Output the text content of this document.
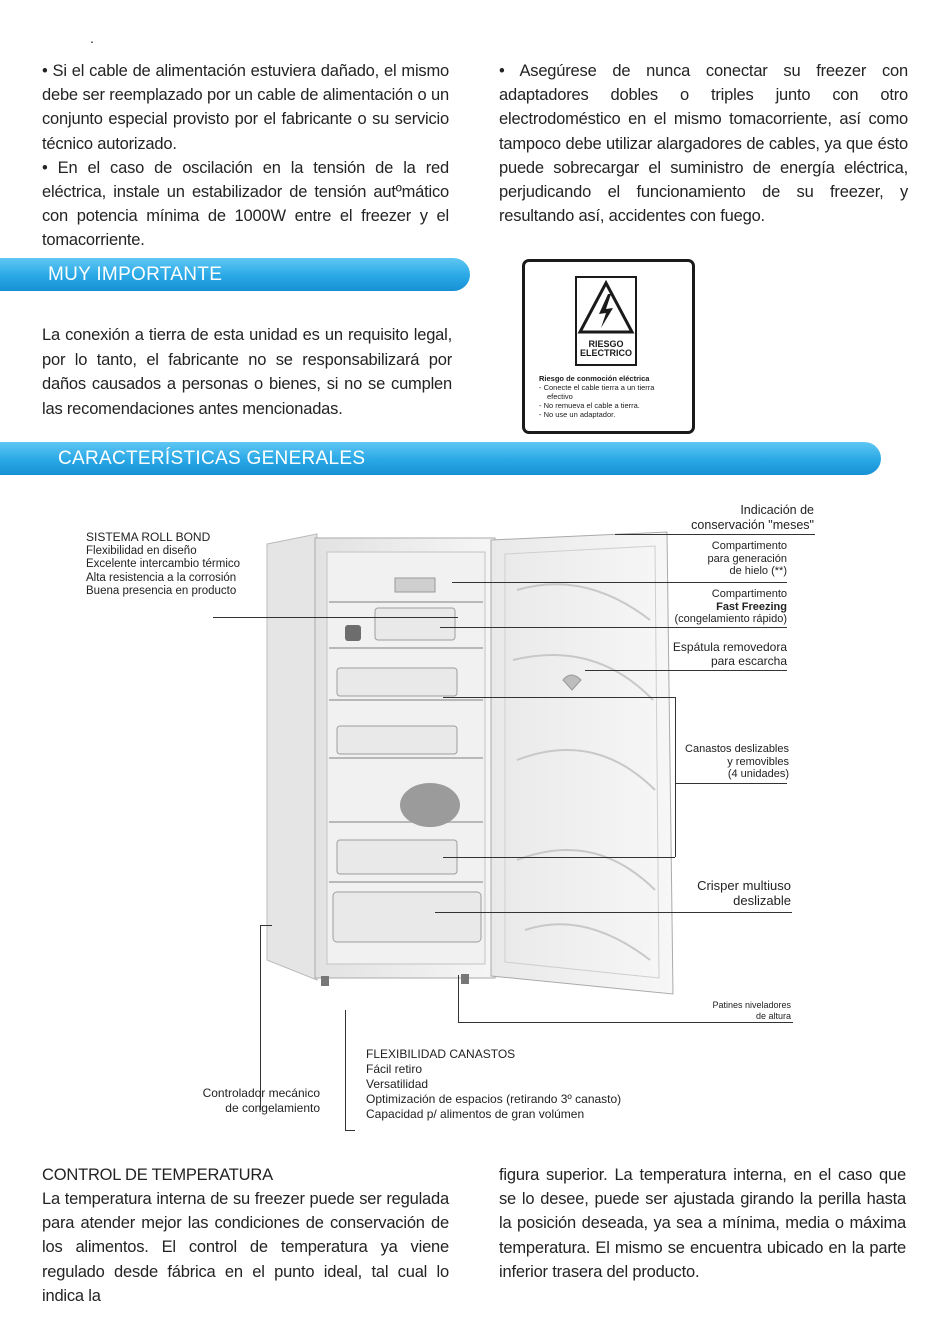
.

• Si el cable de alimentación estuviera dañado, el mismo debe ser reemplazado por un cable de alimentación o un conjunto especial provisto por el fabricante o su servicio técnico autorizado.

• En el caso de oscilación en la tensión de la red eléctrica, instale un estabilizador de tensión autºmático con potencia mínima de 1000W entre el freezer y el tomacorriente.

• Asegúrese de nunca conectar su freezer con adaptadores dobles o triples junto con otro electrodoméstico en el mismo tomacorriente, así como tampoco debe utilizar alargadores de cables, ya que ésto puede sobrecargar el suministro de energía eléctrica, perjudicando el funcionamiento de su freezer, y resultando así, accidentes con fuego.

MUY IMPORTANTE
La conexión a tierra de esta unidad es un requisito legal, por lo tanto, el fabricante no se responsabilizará por daños causados a personas o bienes, si no se cumplen las recomendaciones antes mencionadas.
RIESGO
ELECTRICO
Riesgo de conmoción eléctrica
- Conecte el cable tierra a un tierra
efectivo
- No remueva el cable a tierra.
- No use un adaptador.
CARACTERÍSTICAS GENERALES
SISTEMA ROLL BOND
Flexibilidad en diseño
Excelente intercambio térmico
Alta resistencia a la corrosión
Buena presencia en producto
Indicación de
conservación "meses"
Compartimento
para generación
de hielo (**)
Compartimento
Fast Freezing
(congelamiento rápido)
Espátula removedora
para escarcha
Canastos deslizables
y removibles
(4 unidades)
Crisper multiuso
deslizable
Patines niveladores
de altura
FLEXIBILIDAD CANASTOS
Fácil retiro
Versatilidad
Optimización de espacios (retirando 3º canasto)
Capacidad p/ alimentos de gran volúmen
Controlador mecánico
de congelamiento
CONTROL DE TEMPERATURA
La temperatura interna de su freezer puede ser regulada para atender mejor las condiciones de conservación de los alimentos. El control de temperatura ya viene regulado desde fábrica en el punto ideal, tal cual lo indica la
figura superior. La temperatura interna, en el caso que se lo desee, puede ser ajustada girando la perilla hasta la posición deseada, ya sea a mínima, media o máxima temperatura. El mismo se encuentra ubicado en la parte inferior trasera del producto.
